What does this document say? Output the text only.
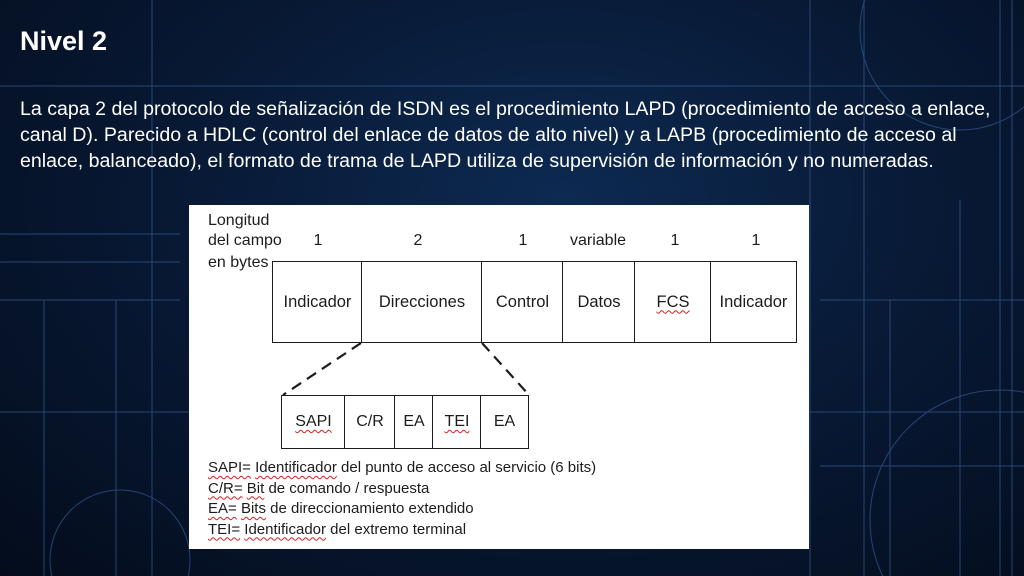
Nivel 2

La capa 2 del protocolo de señalización de ISDN es el procedimiento LAPD (procedimiento de acceso a enlace, canal D). Parecido a HDLC (control del enlace de datos de alto nivel) y a LAPB (procedimiento de acceso al enlace, balanceado), el formato de trama de LAPD utiliza de supervisión de información y no numeradas.

Longitud
del campo
en bytes
1	2	1	variable	1	1
Indicador Direcciones Control Datos FCS Indicador
SAPI C/R EA TEI EA
SAPI= Identificador del punto de acceso al servicio (6 bits)
C/R= Bit de comando / respuesta
EA= Bits de direccionamiento extendido
TEI= Identificador del extremo terminal
